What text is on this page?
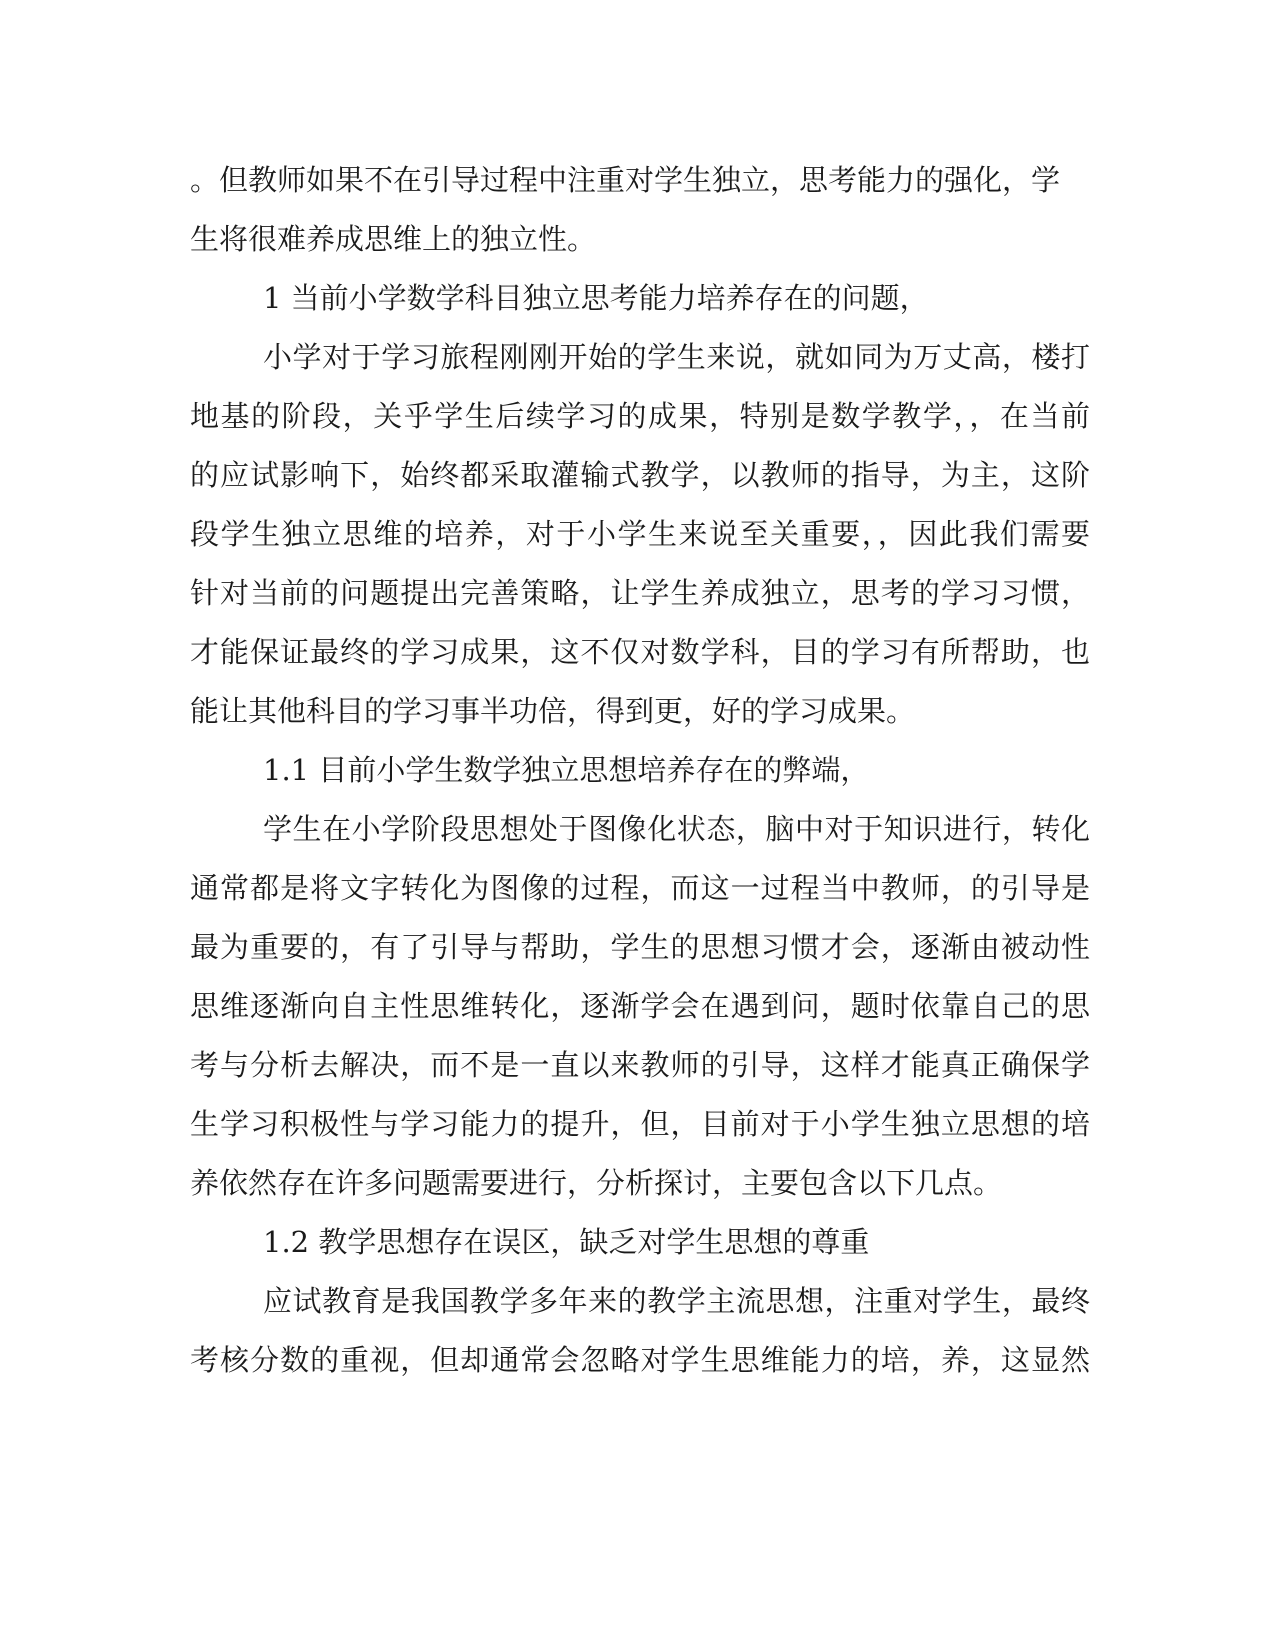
。但教师如果不在引导过程中注重对学生独立，思考能力的强化，学
生将很难养成思维上的独立性。
1 当前小学数学科目独立思考能力培养存在的问题，
小学对于学习旅程刚刚开始的学生来说，就如同为万丈高，楼打
地基的阶段，关乎学生后续学习的成果，特别是数学教学，，在当前
的应试影响下，始终都采取灌输式教学，以教师的指导，为主，这阶
段学生独立思维的培养，对于小学生来说至关重要，，因此我们需要
针对当前的问题提出完善策略，让学生养成独立，思考的学习习惯，
才能保证最终的学习成果，这不仅对数学科，目的学习有所帮助，也
能让其他科目的学习事半功倍，得到更，好的学习成果。
1.1 目前小学生数学独立思想培养存在的弊端，
学生在小学阶段思想处于图像化状态，脑中对于知识进行，转化
通常都是将文字转化为图像的过程，而这一过程当中教师，的引导是
最为重要的，有了引导与帮助，学生的思想习惯才会，逐渐由被动性
思维逐渐向自主性思维转化，逐渐学会在遇到问，题时依靠自己的思
考与分析去解决，而不是一直以来教师的引导，这样才能真正确保学
生学习积极性与学习能力的提升，但，目前对于小学生独立思想的培
养依然存在许多问题需要进行，分析探讨，主要包含以下几点。
1.2 教学思想存在误区，缺乏对学生思想的尊重
应试教育是我国教学多年来的教学主流思想，注重对学生，最终
考核分数的重视，但却通常会忽略对学生思维能力的培，养，这显然
